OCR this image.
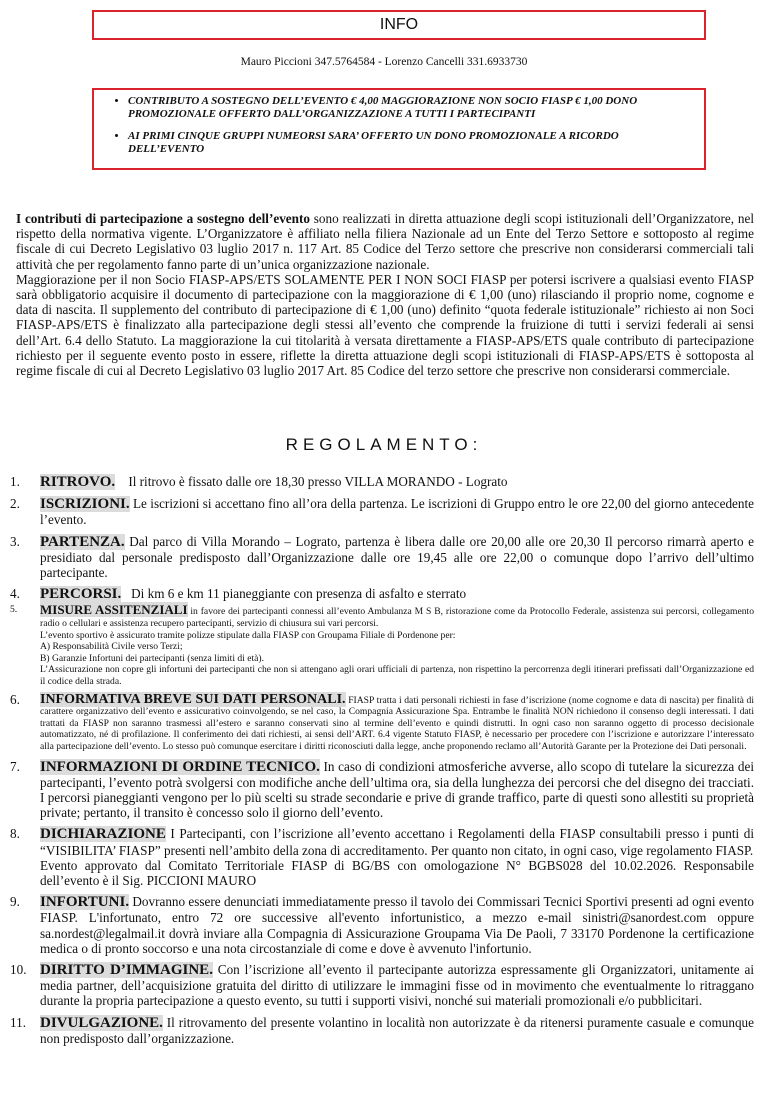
INFO
Mauro Piccioni 347.5764584 - Lorenzo Cancelli 331.6933730
• CONTRIBUTO A SOSTEGNO DELL’EVENTO € 4,00 MAGGIORAZIONE NON SOCIO FIASP € 1,00 DONO PROMOZIONALE OFFERTO DALL’ORGANIZZAZIONE A TUTTI I PARTECIPANTI
• AI PRIMI CINQUE GRUPPI NUMEORSI SARA’ OFFERTO UN DONO PROMOZIONALE A RICORDO DELL’EVENTO

I contributi di partecipazione a sostegno dell’evento sono realizzati in diretta attuazione degli scopi istituzionali dell’Organizzatore, nel rispetto della normativa vigente. L’Organizzatore è affiliato nella filiera Nazionale ad un Ente del Terzo Settore e sottoposto al regime fiscale di cui Decreto Legislativo 03 luglio 2017 n. 117 Art. 85 Codice del Terzo settore che prescrive non considerarsi commerciali tali attività che per regolamento fanno parte di un’unica organizzazione nazionale.

Maggiorazione per il non Socio FIASP-APS/ETS SOLAMENTE PER I NON SOCI FIASP per potersi iscrivere a qualsiasi evento FIASP sarà obbligatorio acquisire il documento di partecipazione con la maggiorazione di € 1,00 (uno) rilasciando il proprio nome, cognome e data di nascita. Il supplemento del contributo di partecipazione di € 1,00 (uno) definito “quota federale istituzionale” richiesto ai non Soci FIASP-APS/ETS è finalizzato alla partecipazione degli stessi all’evento che comprende la fruizione di tutti i servizi federali ai sensi dell’Art. 6.4 dello Statuto. La maggiorazione la cui titolarità à versata direttamente a FIASP-APS/ETS quale contributo di partecipazione richiesto per il seguente evento posto in essere, riflette la diretta attuazione degli scopi istituzionali di FIASP-APS/ETS è sottoposta al regime fiscale di cui al Decreto Legislativo 03 luglio 2017 Art. 85 Codice del terzo settore che prescrive non considerarsi commerciale.

REGOLAMENTO:
1.	RITROVO.    Il ritrovo è fissato dalle ore 18,30 presso VILLA MORANDO - Lograto
2.	ISCRIZIONI. Le iscrizioni si accettano fino all’ora della partenza. Le iscrizioni di Gruppo entro le ore 22,00 del giorno antecedente l’evento.
3.	PARTENZA. Dal parco di Villa Morando – Lograto, partenza è libera dalle ore 20,00 alle ore 20,30 Il percorso rimarrà aperto e presidiato dal personale predisposto dall’Organizzazione dalle ore 19,45 alle ore 22,00 o comunque dopo l’arrivo dell’ultimo partecipante.
4.	PERCORSI.   Di km 6 e km 11 pianeggiante con presenza di asfalto e sterrato
5.	MISURE ASSITENZIALI in favore dei partecipanti connessi all’evento Ambulanza M S B, ristorazione come da Protocollo Federale, assistenza sui percorsi, collegamento radio o cellulari e assistenza recupero partecipanti, servizio di chiusura sui vari percorsi.

L’evento sportivo è assicurato tramite polizze stipulate dalla FIASP con Groupama Filiale di Pordenone per:

A) Responsabilità Civile verso Terzi;

B) Garanzie Infortuni dei partecipanti (senza limiti di età).

L’Assicurazione non copre gli infortuni dei partecipanti che non si attengano agli orari ufficiali di partenza, non rispettino la percorrenza degli itinerari prefissati dall’Organizzazione ed il codice della strada.

6.	INFORMATIVA BREVE SUI DATI PERSONALI. FIASP tratta i dati personali richiesti in fase d’iscrizione (nome cognome e data di nascita) per finalità di carattere organizzativo dell’evento e assicurativo coinvolgendo, se nel caso, la Compagnia Assicurazione Spa. Entrambe le finalità NON richiedono il consenso degli interessati. I dati trattati da FIASP non saranno trasmessi all’estero e saranno conservati sino al termine dell’evento e quindi distrutti. In ogni caso non saranno oggetto di processo decisionale automatizzato, né di profilazione. Il conferimento dei dati richiesti, ai sensi dell’ART. 6.4 vigente Statuto FIASP, è necessario per procedere con l’iscrizione e autorizzare l’interessato alla partecipazione dell’evento. Lo stesso può comunque esercitare i diritti riconosciuti dalla legge, anche proponendo reclamo all’Autorità Garante per la Protezione dei Dati personali.
7.	INFORMAZIONI DI ORDINE TECNICO. In caso di condizioni atmosferiche avverse, allo scopo di tutelare la sicurezza dei partecipanti, l’evento potrà svolgersi con modifiche anche dell’ultima ora, sia della lunghezza dei percorsi che del disegno dei tracciati. I percorsi pianeggianti vengono per lo più scelti su strade secondarie e prive di grande traffico, parte di questi sono allestiti su proprietà private; pertanto, il transito è concesso solo il giorno dell’evento.
8.	DICHIARAZIONE I Partecipanti, con l’iscrizione all’evento accettano i Regolamenti della FIASP consultabili presso i punti di “VISIBILITA’ FIASP” presenti nell’ambito della zona di accreditamento. Per quanto non citato, in ogni caso, vige regolamento FIASP.

Evento approvato dal Comitato Territoriale FIASP di BG/BS con omologazione N° BGBS028 del 10.02.2026. Responsabile dell’evento è il Sig. PICCIONI MAURO

9.	INFORTUNI. Dovranno essere denunciati immediatamente presso il tavolo dei Commissari Tecnici Sportivi presenti ad ogni evento FIASP. L'infortunato, entro 72 ore successive all'evento infortunistico, a mezzo e-mail sinistri@sanordest.com oppure sa.nordest@legalmail.it dovrà inviare alla Compagnia di Assicurazione Groupama Via De Paoli, 7 33170 Pordenone la certificazione medica o di pronto soccorso e una nota circostanziale di come e dove è avvenuto l'infortunio.
10. DIRITTO D’IMMAGINE. Con l’iscrizione all’evento il partecipante autorizza espressamente gli Organizzatori, unitamente ai media partner, dell’acquisizione gratuita del diritto di utilizzare le immagini fisse od in movimento che eventualmente lo ritraggano durante la propria partecipazione a questo evento, su tutti i supporti visivi, nonché sui materiali promozionali e/o pubblicitari.
11. DIVULGAZIONE. Il ritrovamento del presente volantino in località non autorizzate è da ritenersi puramente casuale e comunque non predisposto dall’organizzazione.
